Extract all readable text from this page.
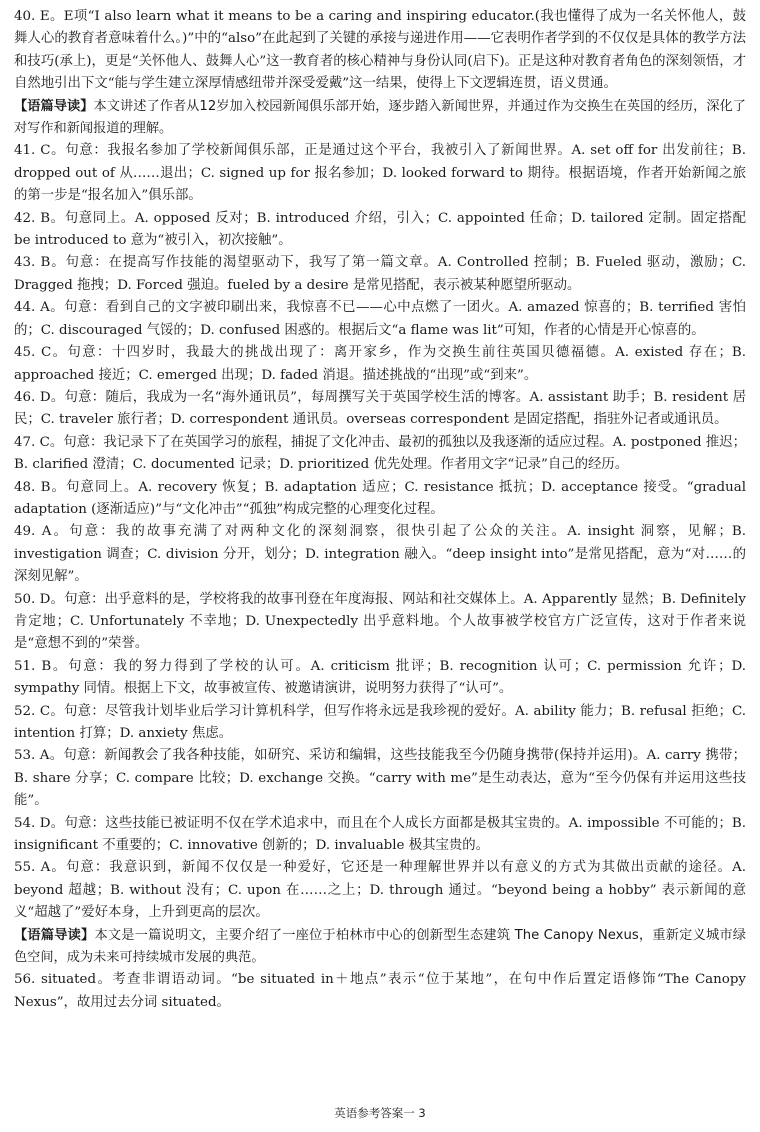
40. E。E项“I also learn what it means to be a caring and inspiring educator.(我也懂得了成为一名关怀他人，鼓舞人心的教育者意味着什么。)”中的“also”在此起到了关键的承接与递进作用——它表明作者学到的不仅仅是具体的教学方法和技巧(承上)，更是“关怀他人、鼓舞人心”这一教育者的核心精神与身份认同(启下)。正是这种对教育者角色的深刻领悟，才自然地引出下文“能与学生建立深厚情感纽带并深受爱戴”这一结果，使得上下文逻辑连贯，语义贯通。

【语篇导读】本文讲述了作者从12岁加入校园新闻俱乐部开始，逐步踏入新闻世界，并通过作为交换生在英国的经历，深化了对写作和新闻报道的理解。

41. C。句意：我报名参加了学校新闻俱乐部，正是通过这个平台，我被引入了新闻世界。A. set off for 出发前往；B. dropped out of 从……退出；C. signed up for 报名参加；D. looked forward to 期待。根据语境，作者开始新闻之旅的第一步是“报名加入”俱乐部。

42. B。句意同上。A. opposed 反对；B. introduced 介绍，引入；C. appointed 任命；D. tailored 定制。固定搭配 be introduced to 意为“被引入，初次接触”。

43. B。句意：在提高写作技能的渴望驱动下，我写了第一篇文章。A. Controlled 控制；B. Fueled 驱动，激励；C. Dragged 拖拽；D. Forced 强迫。fueled by a desire 是常见搭配，表示被某种愿望所驱动。

44. A。句意：看到自己的文字被印刷出来，我惊喜不已——心中点燃了一团火。A. amazed 惊喜的；B. terrified 害怕的；C. discouraged 气馁的；D. confused 困惑的。根据后文“a flame was lit”可知，作者的心情是开心惊喜的。

45. C。句意：十四岁时，我最大的挑战出现了：离开家乡，作为交换生前往英国贝德福德。A. existed 存在；B. approached 接近；C. emerged 出现；D. faded 消退。描述挑战的“出现”或“到来”。

46. D。句意：随后，我成为一名“海外通讯员”，每周撰写关于英国学校生活的博客。A. assistant 助手；B. resident 居民；C. traveler 旅行者；D. correspondent 通讯员。overseas correspondent 是固定搭配，指驻外记者或通讯员。

47. C。句意：我记录下了在英国学习的旅程，捕捉了文化冲击、最初的孤独以及我逐渐的适应过程。A. postponed 推迟；B. clarified 澄清；C. documented 记录；D. prioritized 优先处理。作者用文字“记录”自己的经历。

48. B。句意同上。A. recovery 恢复；B. adaptation 适应；C. resistance 抵抗；D. acceptance 接受。“gradual adaptation (逐渐适应)”与“文化冲击”“孤独”构成完整的心理变化过程。

49. A。句意：我的故事充满了对两种文化的深刻洞察，很快引起了公众的关注。A. insight 洞察，见解；B. investigation 调查；C. division 分开，划分；D. integration 融入。“deep insight into”是常见搭配，意为“对……的深刻见解”。

50. D。句意：出乎意料的是，学校将我的故事刊登在年度海报、网站和社交媒体上。A. Apparently 显然；B. Definitely 肯定地；C. Unfortunately 不幸地；D. Unexpectedly 出乎意料地。个人故事被学校官方广泛宣传，这对于作者来说是“意想不到的”荣誉。

51. B。句意：我的努力得到了学校的认可。A. criticism 批评；B. recognition 认可；C. permission 允许；D. sympathy 同情。根据上下文，故事被宣传、被邀请演讲，说明努力获得了“认可”。

52. C。句意：尽管我计划毕业后学习计算机科学，但写作将永远是我珍视的爱好。A. ability 能力；B. refusal 拒绝；C. intention 打算；D. anxiety 焦虑。

53. A。句意：新闻教会了我各种技能，如研究、采访和编辑，这些技能我至今仍随身携带(保持并运用)。A. carry 携带；B. share 分享；C. compare 比较；D. exchange 交换。“carry with me”是生动表达，意为“至今仍保有并运用这些技能”。

54. D。句意：这些技能已被证明不仅在学术追求中，而且在个人成长方面都是极其宝贵的。A. impossible 不可能的；B. insignificant 不重要的；C. innovative 创新的；D. invaluable 极其宝贵的。

55. A。句意：我意识到，新闻不仅仅是一种爱好，它还是一种理解世界并以有意义的方式为其做出贡献的途径。A. beyond 超越；B. without 没有；C. upon 在……之上；D. through 通过。“beyond being a hobby” 表示新闻的意义“超越了”爱好本身，上升到更高的层次。

【语篇导读】本文是一篇说明文，主要介绍了一座位于柏林市中心的创新型生态建筑 The Canopy Nexus，重新定义城市绿色空间，成为未来可持续城市发展的典范。

56. situated。考查非谓语动词。“be situated in＋地点”表示“位于某地”，在句中作后置定语修饰“The Canopy Nexus”，故用过去分词 situated。

英语参考答案一 3
